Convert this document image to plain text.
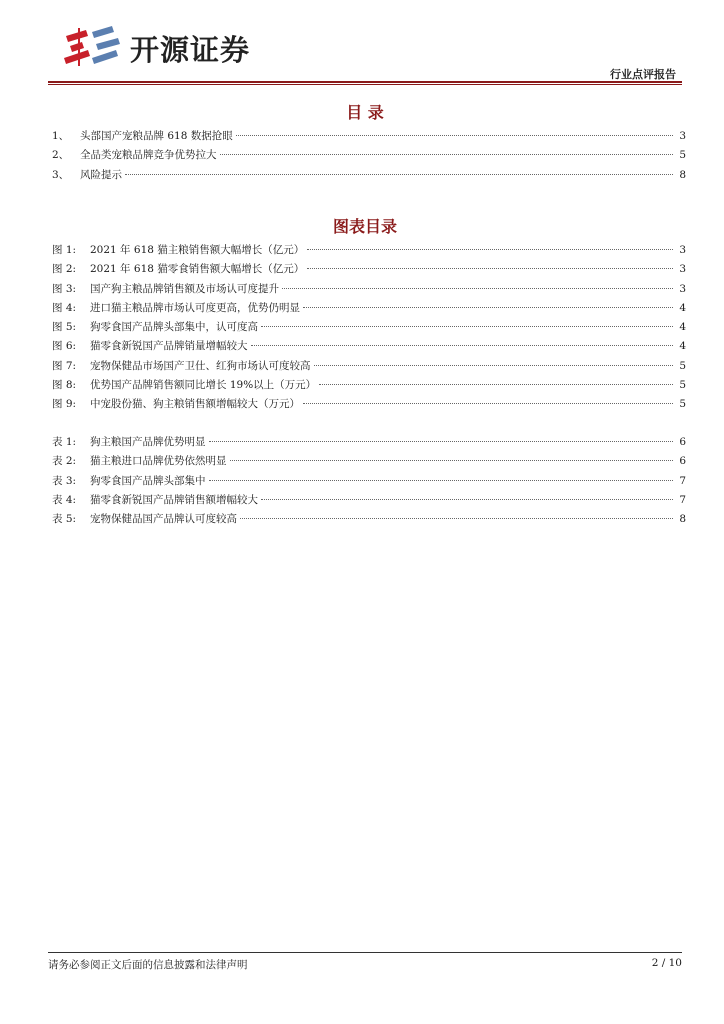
开源证券
行业点评报告
目 录
1、	头部国产宠粮品牌 618 数据抢眼	3
2、	全品类宠粮品牌竞争优势拉大	5
3、	风险提示	8
图表目录
图 1:	2021 年 618 猫主粮销售额大幅增长（亿元）	3
图 2:	2021 年 618 猫零食销售额大幅增长（亿元）	3
图 3:	国产狗主粮品牌销售额及市场认可度提升	3
图 4:	进口猫主粮品牌市场认可度更高，优势仍明显	4
图 5:	狗零食国产品牌头部集中，认可度高	4
图 6:	猫零食新锐国产品牌销量增幅较大	4
图 7:	宠物保健品市场国产卫仕、红狗市场认可度较高	5
图 8:	优势国产品牌销售额同比增长 19%以上（万元）	5
图 9:	中宠股份猫、狗主粮销售额增幅较大（万元）	5
表 1:	狗主粮国产品牌优势明显	6
表 2:	猫主粮进口品牌优势依然明显	6
表 3:	狗零食国产品牌头部集中	7
表 4:	猫零食新锐国产品牌销售额增幅较大	7
表 5:	宠物保健品国产品牌认可度较高	8
请务必参阅正文后面的信息披露和法律声明	2 / 10
